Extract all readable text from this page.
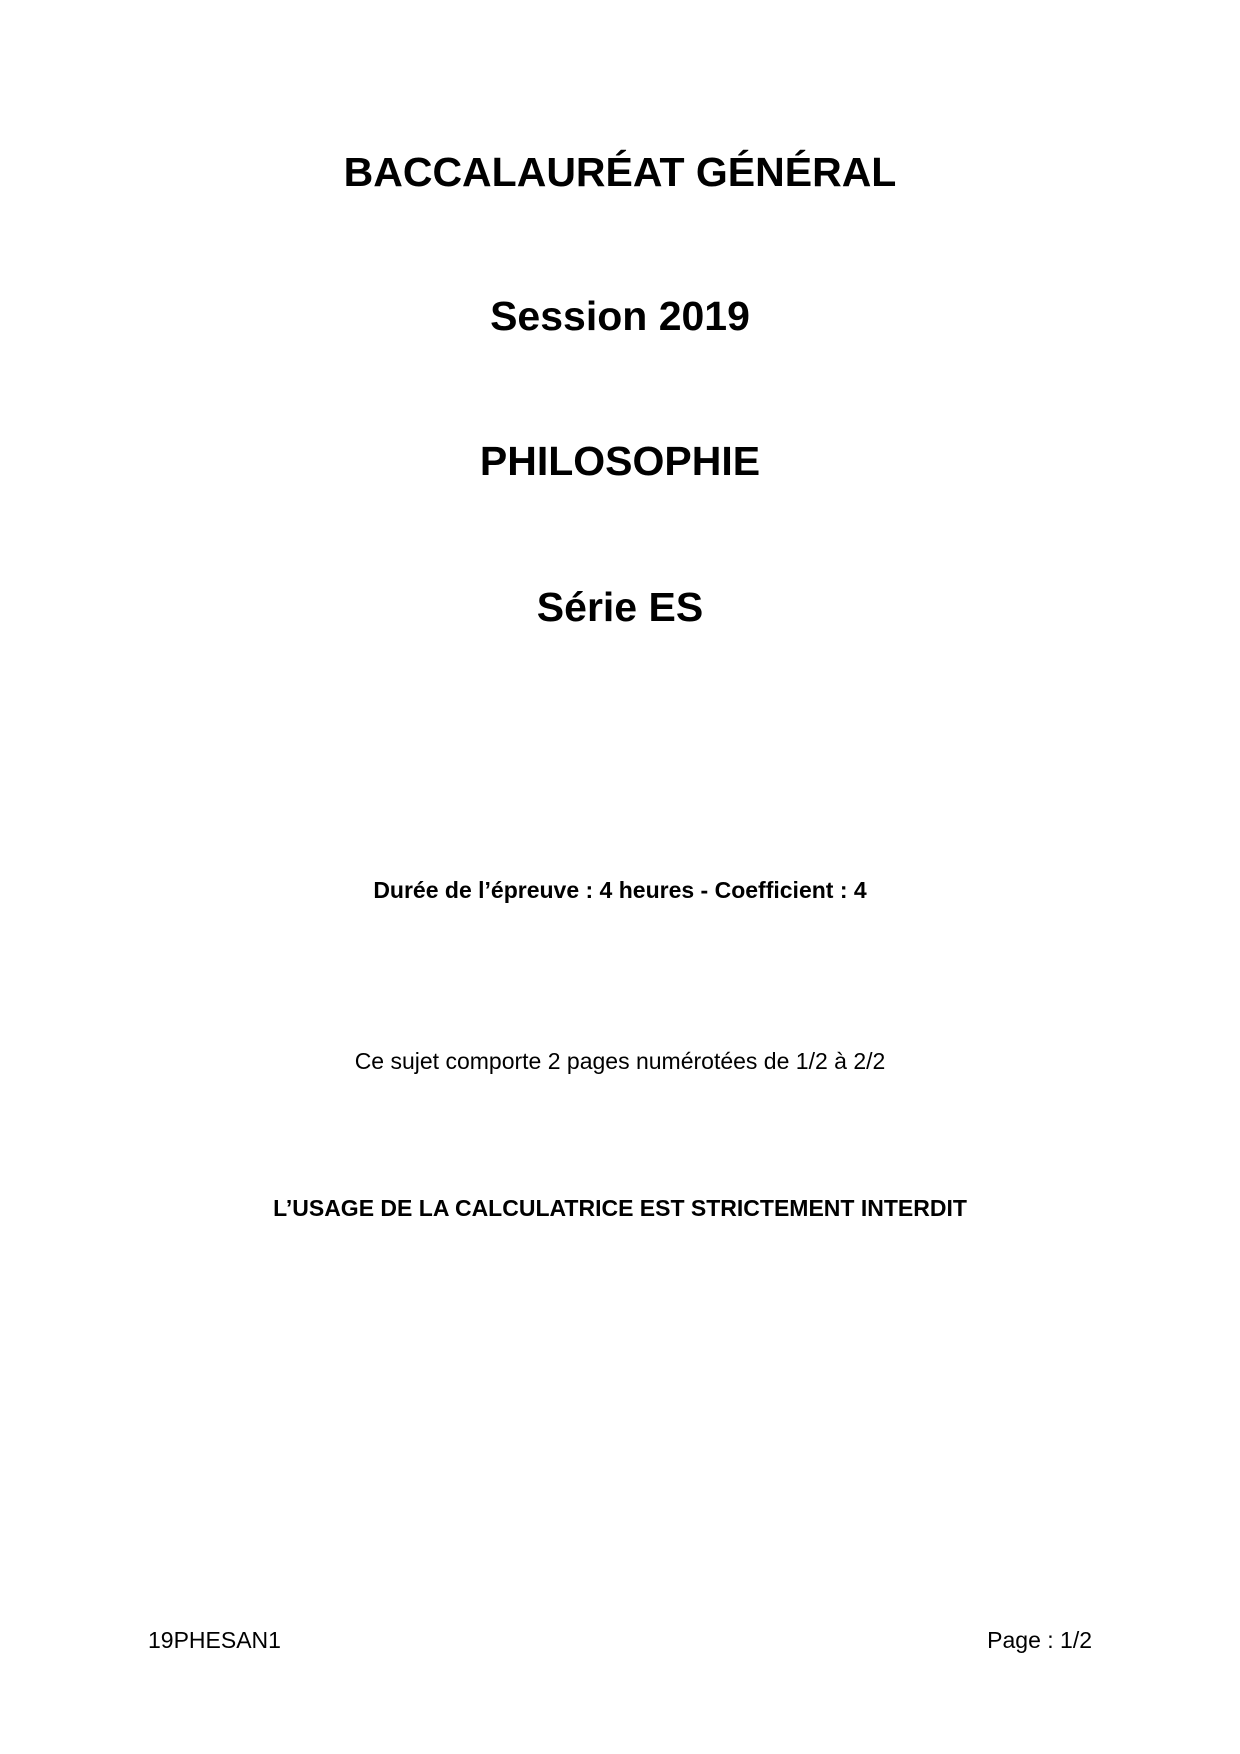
BACCALAURÉAT GÉNÉRAL
Session 2019
PHILOSOPHIE
Série ES
Durée de l’épreuve : 4 heures - Coefficient : 4
Ce sujet comporte 2 pages numérotées de 1/2 à 2/2
L’USAGE DE LA CALCULATRICE EST STRICTEMENT INTERDIT
19PHESAN1	Page : 1/2
